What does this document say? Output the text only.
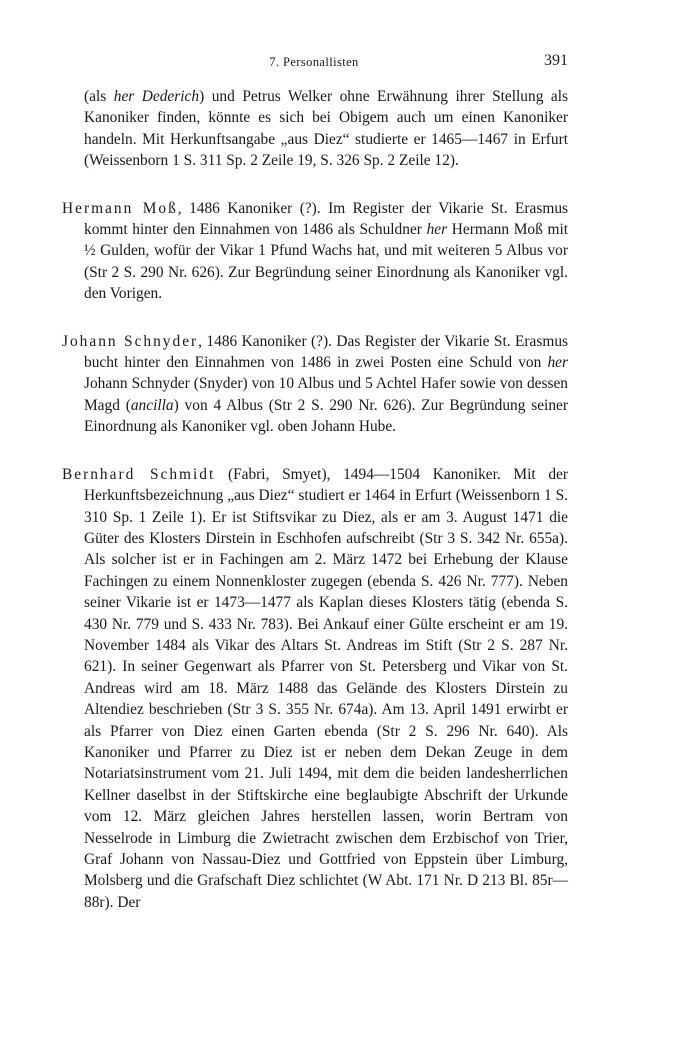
7. Personallisten	391

(als her Dederich) und Petrus Welker ohne Erwähnung ihrer Stellung als Kanoniker finden, könnte es sich bei Obigem auch um einen Kanoniker handeln. Mit Herkunftsangabe „aus Diez“ studierte er 1465—1467 in Erfurt (Weissenborn 1 S. 311 Sp. 2 Zeile 19, S. 326 Sp. 2 Zeile 12).

Hermann Moß, 1486 Kanoniker (?). Im Register der Vikarie St. Erasmus kommt hinter den Einnahmen von 1486 als Schuldner her Hermann Moß mit ½ Gulden, wofür der Vikar 1 Pfund Wachs hat, und mit weiteren 5 Albus vor (Str 2 S. 290 Nr. 626). Zur Begründung seiner Einordnung als Kanoniker vgl. den Vorigen.

Johann Schnyder, 1486 Kanoniker (?). Das Register der Vikarie St. Erasmus bucht hinter den Einnahmen von 1486 in zwei Posten eine Schuld von her Johann Schnyder (Snyder) von 10 Albus und 5 Achtel Hafer sowie von dessen Magd (ancilla) von 4 Albus (Str 2 S. 290 Nr. 626). Zur Begründung seiner Einordnung als Kanoniker vgl. oben Johann Hube.

Bernhard Schmidt (Fabri, Smyet), 1494—1504 Kanoniker. Mit der Herkunftsbezeichnung „aus Diez“ studiert er 1464 in Erfurt (Weissenborn 1 S. 310 Sp. 1 Zeile 1). Er ist Stiftsvikar zu Diez, als er am 3. August 1471 die Güter des Klosters Dirstein in Eschhofen aufschreibt (Str 3 S. 342 Nr. 655a). Als solcher ist er in Fachingen am 2. März 1472 bei Erhebung der Klause Fachingen zu einem Nonnenkloster zugegen (ebenda S. 426 Nr. 777). Neben seiner Vikarie ist er 1473—1477 als Kaplan dieses Klosters tätig (ebenda S. 430 Nr. 779 und S. 433 Nr. 783). Bei Ankauf einer Gülte erscheint er am 19. November 1484 als Vikar des Altars St. Andreas im Stift (Str 2 S. 287 Nr. 621). In seiner Gegenwart als Pfarrer von St. Petersberg und Vikar von St. Andreas wird am 18. März 1488 das Gelände des Klosters Dirstein zu Altendiez beschrieben (Str 3 S. 355 Nr. 674a). Am 13. April 1491 erwirbt er als Pfarrer von Diez einen Garten ebenda (Str 2 S. 296 Nr. 640). Als Kanoniker und Pfarrer zu Diez ist er neben dem Dekan Zeuge in dem Notariatsinstrument vom 21. Juli 1494, mit dem die beiden landesherrlichen Kellner daselbst in der Stiftskirche eine beglaubigte Abschrift der Urkunde vom 12. März gleichen Jahres herstellen lassen, worin Bertram von Nesselrode in Limburg die Zwietracht zwischen dem Erzbischof von Trier, Graf Johann von Nassau-Diez und Gottfried von Eppstein über Limburg, Molsberg und die Grafschaft Diez schlichtet (W Abt. 171 Nr. D 213 Bl. 85r—88r). Der
